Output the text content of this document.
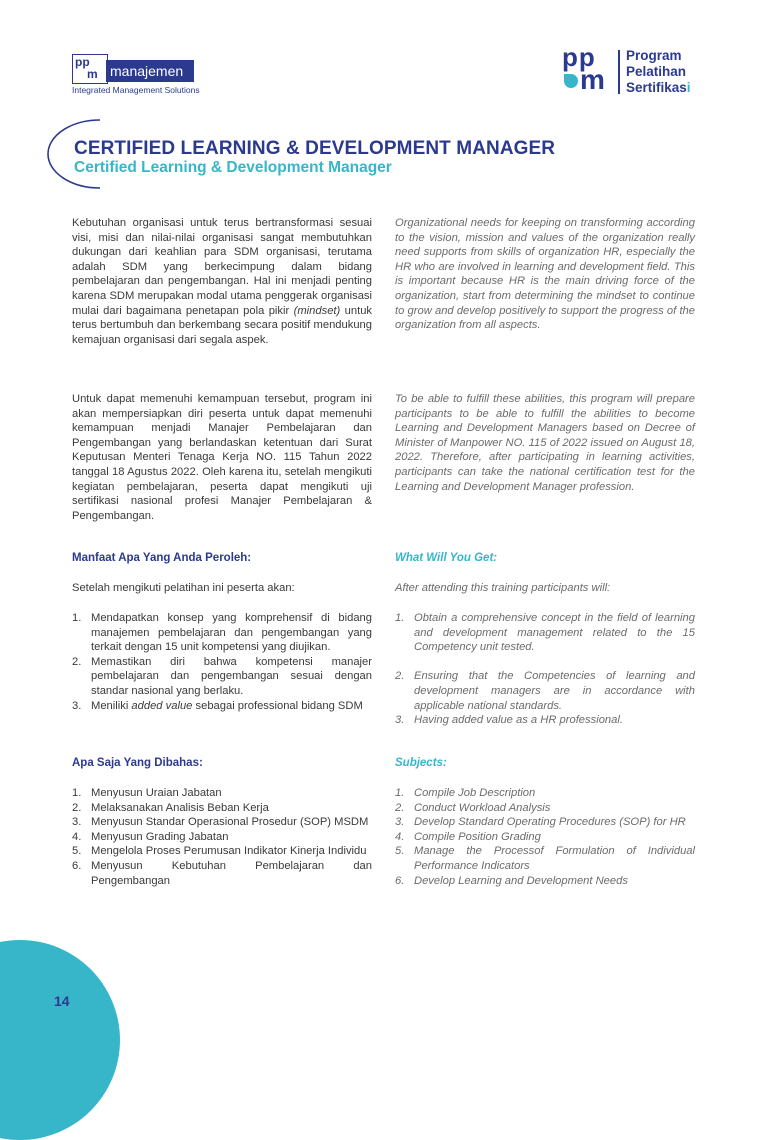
pp
m manajemen
Integrated Management Solutions
pp
m
Program
Pelatihan
Sertifikasi
CERTIFIED LEARNING & DEVELOPMENT MANAGER
Certified Learning & Development Manager

Kebutuhan organisasi untuk terus bertransformasi sesuai visi, misi dan nilai-nilai organisasi sangat membutuhkan dukungan dari keahlian para SDM organisasi, terutama adalah SDM yang berkecimpung dalam bidang pembelajaran dan pengembangan. Hal ini menjadi penting karena SDM merupakan modal utama penggerak organisasi mulai dari bagaimana penetapan pola pikir (mindset) untuk terus bertumbuh dan berkembang secara positif mendukung kemajuan organisasi dari segala aspek.

Untuk dapat memenuhi kemampuan tersebut, program ini akan mempersiapkan diri peserta untuk dapat memenuhi kemampuan menjadi Manajer Pembelajaran dan Pengembangan yang berlandaskan ketentuan dari Surat Keputusan Menteri Tenaga Kerja NO. 115 Tahun 2022 tanggal 18 Agustus 2022. Oleh karena itu, setelah mengikuti kegiatan pembelajaran, peserta dapat mengikuti uji sertifikasi nasional profesi Manajer Pembelajaran & Pengembangan.

Manfaat Apa Yang Anda Peroleh:

Setelah mengikuti pelatihan ini peserta akan:

1. Mendapatkan konsep yang komprehensif di bidang manajemen pembelajaran dan pengembangan yang terkait dengan 15 unit kompetensi yang diujikan.
2. Memastikan diri bahwa kompetensi manajer pembelajaran dan pengembangan sesuai dengan standar nasional yang berlaku.
3. Meniliki added value sebagai professional bidang SDM

Apa Saja Yang Dibahas:

1. Menyusun Uraian Jabatan
2. Melaksanakan Analisis Beban Kerja
3. Menyusun Standar Operasional Prosedur (SOP) MSDM
4. Menyusun Grading Jabatan
5. Mengelola Proses Perumusan Indikator Kinerja Individu
6. Menyusun Kebutuhan Pembelajaran dan Pengembangan

Organizational needs for keeping on transforming according to the vision, mission and values of the organization really need supports from skills of organization HR, especially the HR who are involved in learning and development field. This is important because HR is the main driving force of the organization, start from determining the mindset to continue to grow and develop positively to support the progress of the organization from all aspects.

To be able to fulfill these abilities, this program will prepare participants to be able to fulfill the abilities to become Learning and Development Managers based on Decree of Minister of Manpower NO. 115 of 2022 issued on August 18, 2022. Therefore, after participating in learning activities, participants can take the national certification test for the Learning and Development Manager profession.

What Will You Get:

After attending this training participants will:

1. Obtain a comprehensive concept in the field of learning and development management related to the 15 Competency unit tested.
2. Ensuring that the Competencies of learning and development managers are in accordance with applicable national standards.
3. Having added value as a HR professional.

Subjects:

1. Compile Job Description
2. Conduct Workload Analysis
3. Develop Standard Operating Procedures (SOP) for HR
4. Compile Position Grading
5. Manage the Processof Formulation of Individual Performance Indicators
6. Develop Learning and Development Needs
14
